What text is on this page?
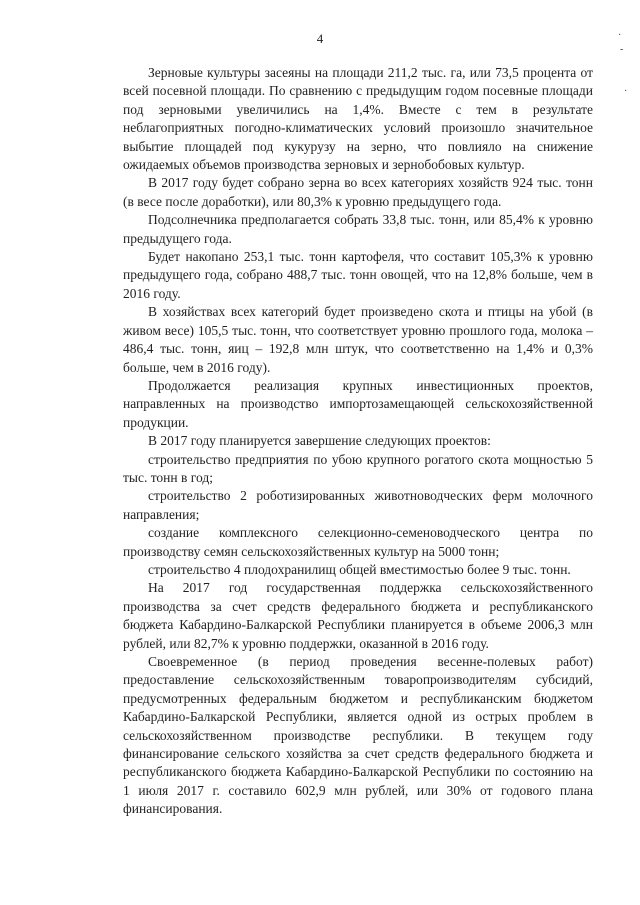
4	·
-
·

Зерновые культуры засеяны на площади 211,2 тыс. га, или 73,5 процента от всей посевной площади. По сравнению с предыдущим годом посевные площади под зерновыми увеличились на 1,4%. Вместе с тем в результате неблагоприятных погодно-климатических условий произошло значительное выбытие площадей под кукурузу на зерно, что повлияло на снижение ожидаемых объемов производства зерновых и зернобобовых культур.

В 2017 году будет собрано зерна во всех категориях хозяйств 924 тыс. тонн (в весе после доработки), или 80,3% к уровню предыдущего года.

Подсолнечника предполагается собрать 33,8 тыс. тонн, или 85,4% к уровню предыдущего года.

Будет накопано 253,1 тыс. тонн картофеля, что составит 105,3% к уровню предыдущего года, собрано 488,7 тыс. тонн овощей, что на 12,8% больше, чем в 2016 году.

В хозяйствах всех категорий будет произведено скота и птицы на убой (в живом весе) 105,5 тыс. тонн, что соответствует уровню прошлого года, молока – 486,4 тыс. тонн, яиц – 192,8 млн штук, что соответственно на 1,4% и 0,3% больше, чем в 2016 году).

Продолжается реализация крупных инвестиционных проектов, направленных на производство импортозамещающей сельскохозяйственной продукции.

В 2017 году планируется завершение следующих проектов:

строительство предприятия по убою крупного рогатого скота мощностью 5 тыс. тонн в год;

строительство 2 роботизированных животноводческих ферм молочного направления;

создание комплексного селекционно-семеноводческого центра по производству семян сельскохозяйственных культур на 5000 тонн;

строительство 4 плодохранилищ общей вместимостью более 9 тыс. тонн.

На 2017 год государственная поддержка сельскохозяйственного производства за счет средств федерального бюджета и республиканского бюджета Кабардино-Балкарской Республики планируется в объеме 2006,3 млн рублей, или 82,7% к уровню поддержки, оказанной в 2016 году.

Своевременное (в период проведения весенне-полевых работ) предоставление сельскохозяйственным товаропроизводителям субсидий, предусмотренных федеральным бюджетом и республиканским бюджетом Кабардино-Балкарской Республики, является одной из острых проблем в сельскохозяйственном производстве республики. В текущем году финансирование сельского хозяйства за счет средств федерального бюджета и республиканского бюджета Кабардино-Балкарской Республики по состоянию на 1 июля 2017 г. составило 602,9 млн рублей, или 30% от годового плана финансирования.
